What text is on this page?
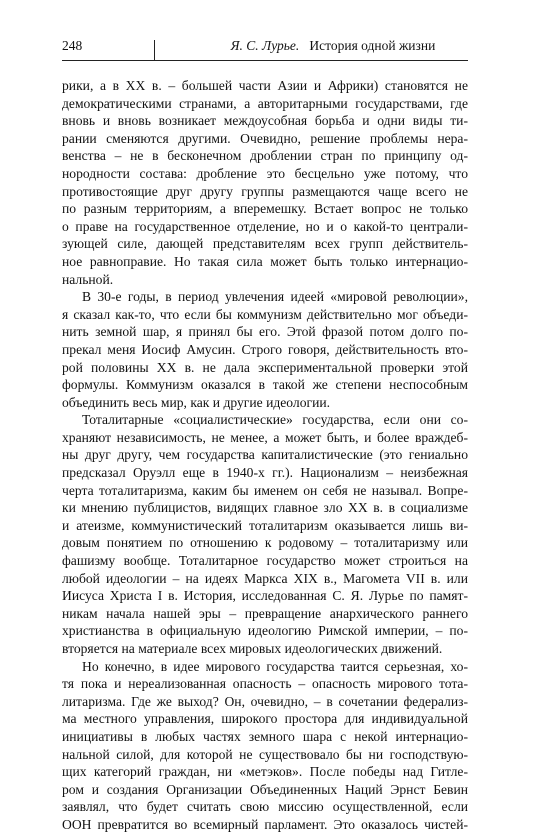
248	Я. С. Лурье. История одной жизни
рики, а в XX в. – большей части Азии и Африки) становятся не
демократическими странами, а авторитарными государствами, где
вновь и вновь возникает междоусобная борьба и одни виды ти-
рании сменяются другими. Очевидно, решение проблемы нера-
венства – не в бесконечном дроблении стран по принципу од-
нородности состава: дробление это бесцельно уже потому, что
противостоящие друг другу группы размещаются чаще всего не
по разным территориям, а вперемешку. Встает вопрос не только
о праве на государственное отделение, но и о какой-то централи-
зующей силе, дающей представителям всех групп действитель-
ное равноправие. Но такая сила может быть только интернацио-
нальной.
В 30-е годы, в период увлечения идеей «мировой революции»,
я сказал как-то, что если бы коммунизм действительно мог объеди-
нить земной шар, я принял бы его. Этой фразой потом долго по-
прекал меня Иосиф Амусин. Строго говоря, действительность вто-
рой половины XX в. не дала экспериментальной проверки этой
формулы. Коммунизм оказался в такой же степени неспособным
объединить весь мир, как и другие идеологии.
Тоталитарные «социалистические» государства, если они со-
храняют независимость, не менее, а может быть, и более враждеб-
ны друг другу, чем государства капиталистические (это гениально
предсказал Оруэлл еще в 1940-х гг.). Национализм – неизбежная
черта тоталитаризма, каким бы именем он себя не называл. Вопре-
ки мнению публицистов, видящих главное зло XX в. в социализме
и атеизме, коммунистический тоталитаризм оказывается лишь ви-
довым понятием по отношению к родовому – тоталитаризму или
фашизму вообще. Тоталитарное государство может строиться на
любой идеологии – на идеях Маркса XIX в., Магомета VII в. или
Иисуса Христа I в. История, исследованная С. Я. Лурье по памят-
никам начала нашей эры – превращение анархического раннего
христианства в официальную идеологию Римской империи, – по-
вторяется на материале всех мировых идеологических движений.
Но конечно, в идее мирового государства таится серьезная, хо-
тя пока и нереализованная опасность – опасность мирового тота-
литаризма. Где же выход? Он, очевидно, – в сочетании федерализ-
ма местного управления, широкого простора для индивидуальной
инициативы в любых частях земного шара с некой интернацио-
нальной силой, для которой не существовало бы ни господствую-
щих категорий граждан, ни «метэков». После победы над Гитле-
ром и создания Организации Объединенных Наций Эрнст Бевин
заявлял, что будет считать свою миссию осуществленной, если
ООН превратится во всемирный парламент. Это оказалось чистей-
